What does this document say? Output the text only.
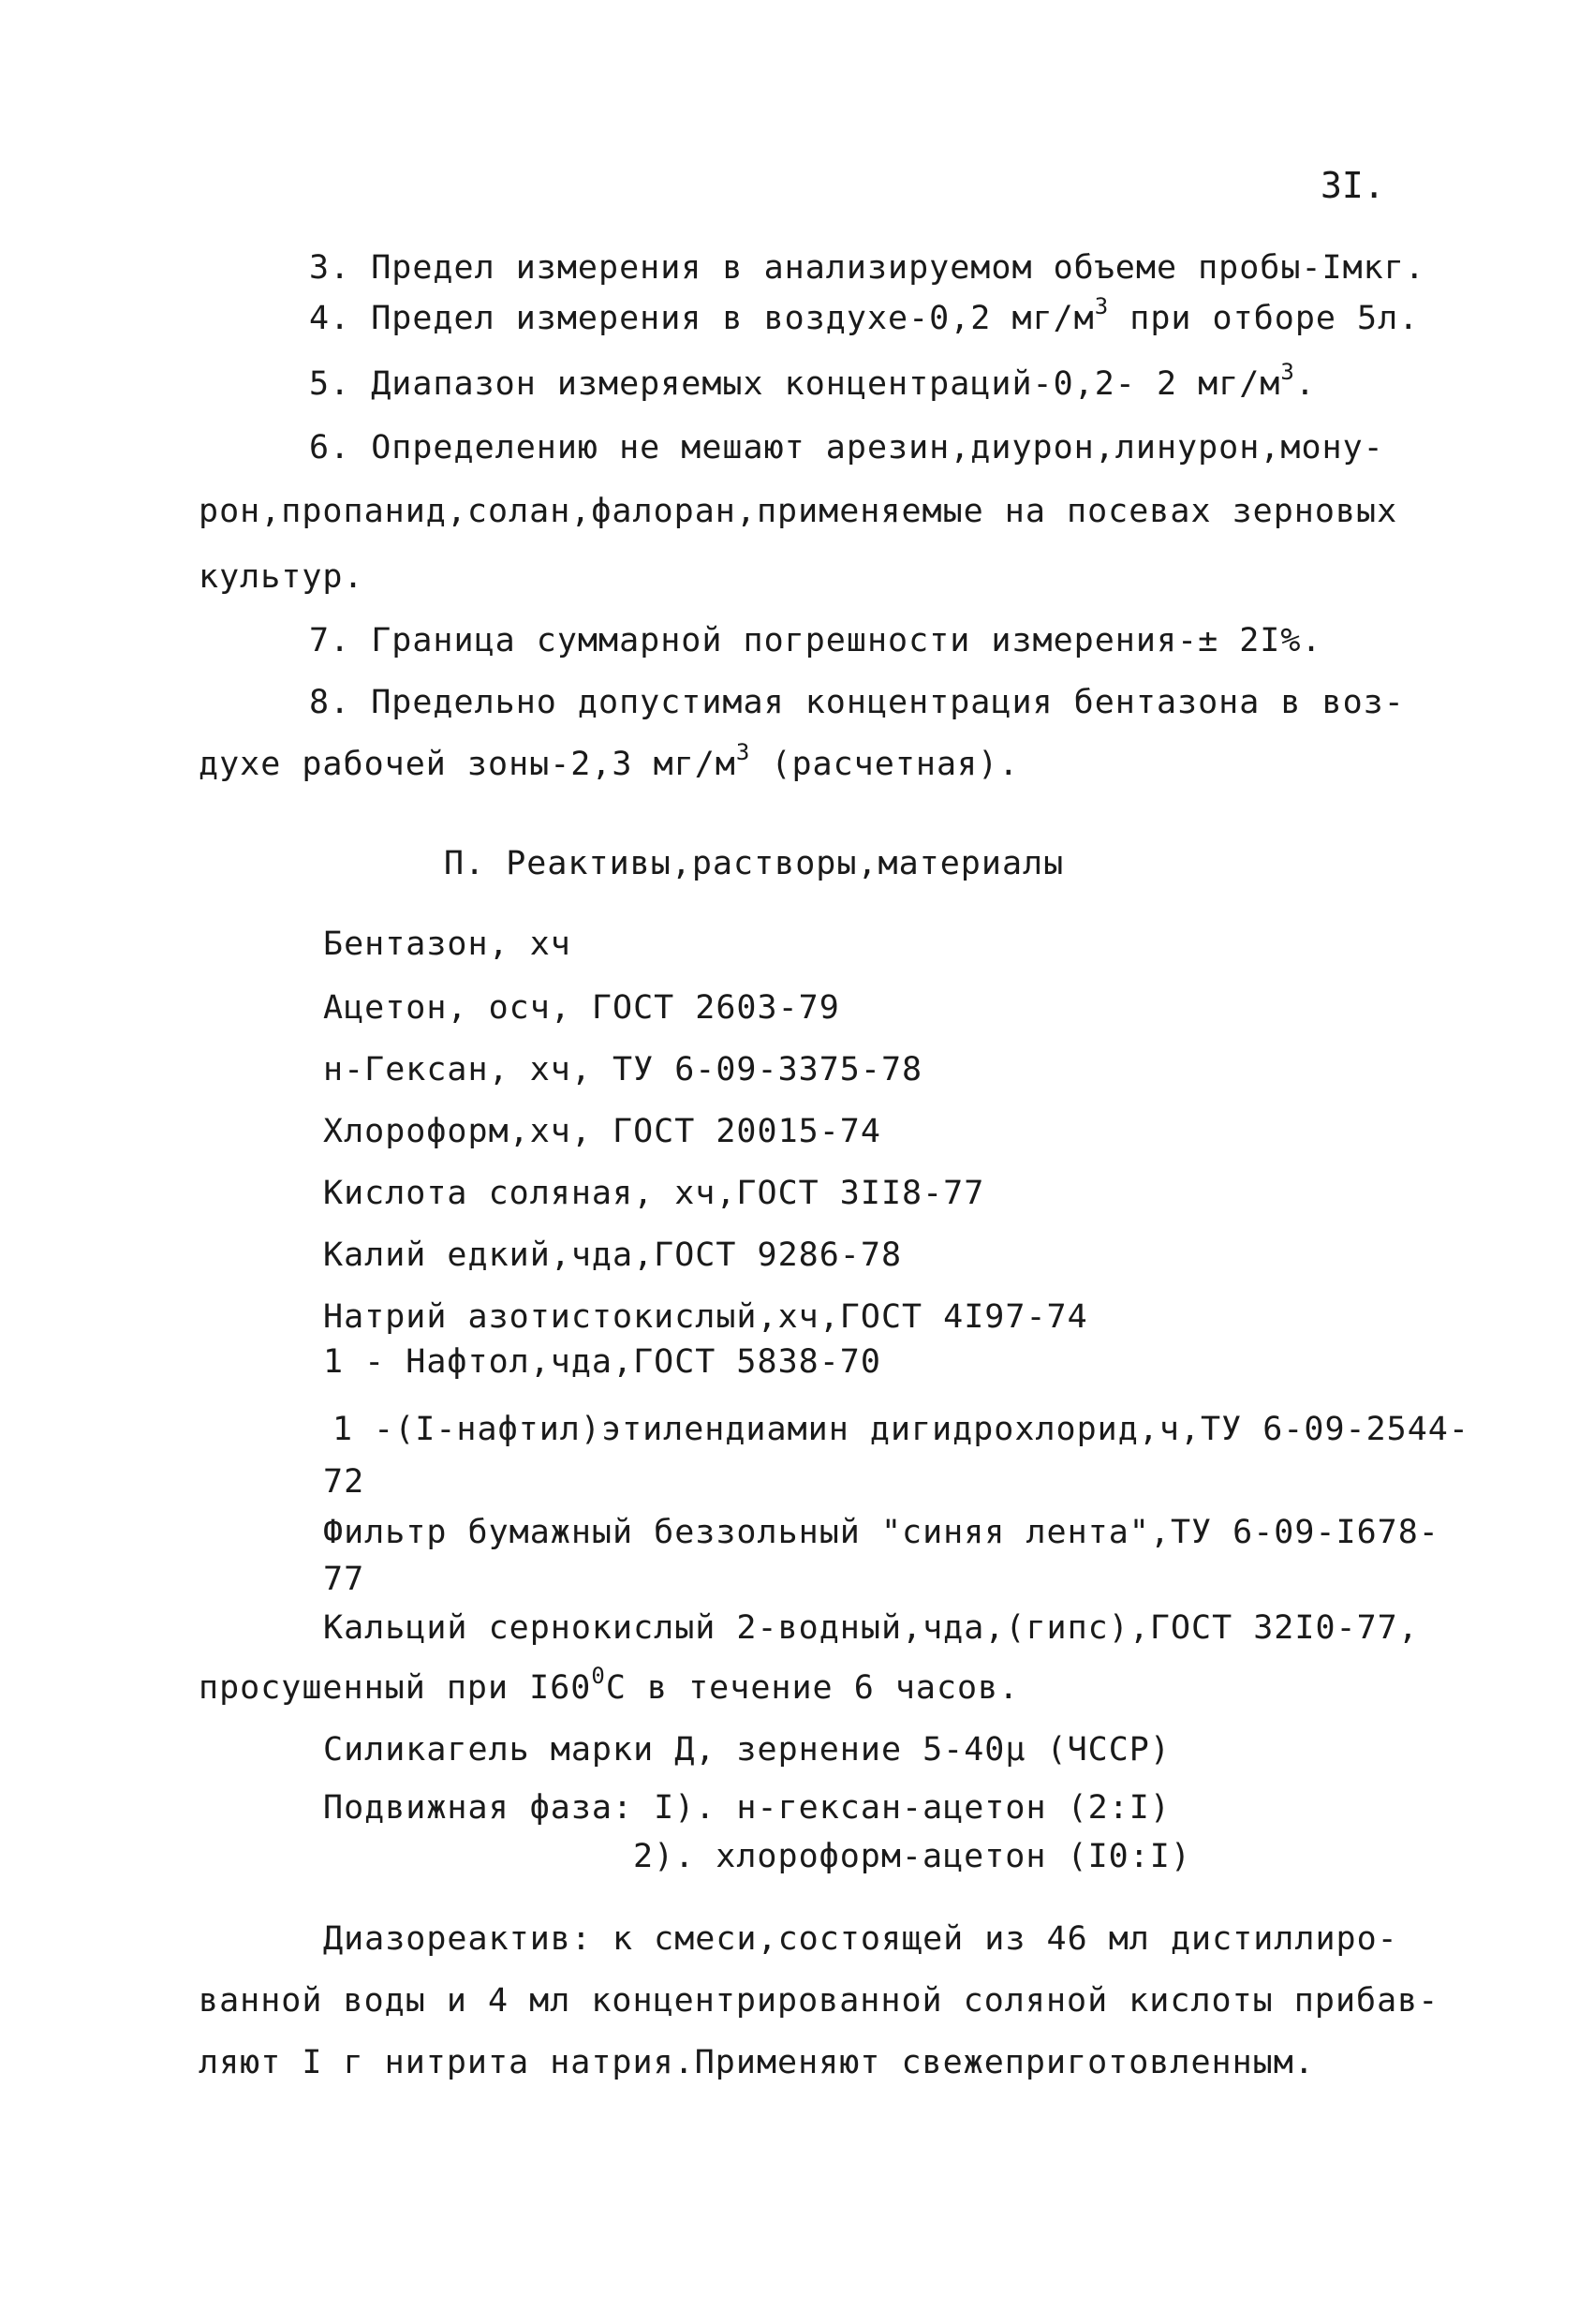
3I.
3. Предел измерения в анализируемом объеме пробы-Iмкг.
4. Предел измерения в воздухе-0,2 $мг/м^3$ при отборе 5л.
5. Диапазон измеряемых концентраций-0,2- 2 $мг/м^3$.
6. Определению не мешают арезин,диурон,линурон,мону-
рон,пропанид,солан,фалоран,применяемые на посевах зерновых
культур.
7. Граница суммарной погрешности измерения-± 2I%.
8. Предельно допустимая концентрация бентазона в воз-
духе рабочей зоны-2,3 $мг/м^3$ (расчетная).
П. Реактивы,растворы,материалы
Бентазон, хч
Ацетон, осч, ГОСТ 2603-79
н-Гексан, хч, ТУ 6-09-3375-78
Хлороформ,хч, ГОСТ 20015-74
Кислота соляная, хч,ГОСТ 3II8-77
Калий едкий,чда,ГОСТ 9286-78
Натрий азотистокислый,хч,ГОСТ 4I97-74
1 - Нафтол,чда,ГОСТ 5838-70
1 -(I-нафтил)этилендиамин дигидрохлорид,ч,ТУ 6-09-2544-
72
Фильтр бумажный беззольный "синяя лента",ТУ 6-09-I678-
77
Кальций сернокислый 2-водный,чда,(гипс),ГОСТ 32I0-77,
просушенный при $I60^0С$ в течение 6 часов.
Силикагель марки Д, зернение 5-40μ (ЧССР)
Подвижная фаза: I). н-гексан-ацетон (2:I)
2). хлороформ-ацетон (I0:I)
Диазореактив: к смеси,состоящей из 46 мл дистиллиро-
ванной воды и 4 мл концентрированной соляной кислоты прибав-
ляют I г нитрита натрия.Применяют свежеприготовленным.
